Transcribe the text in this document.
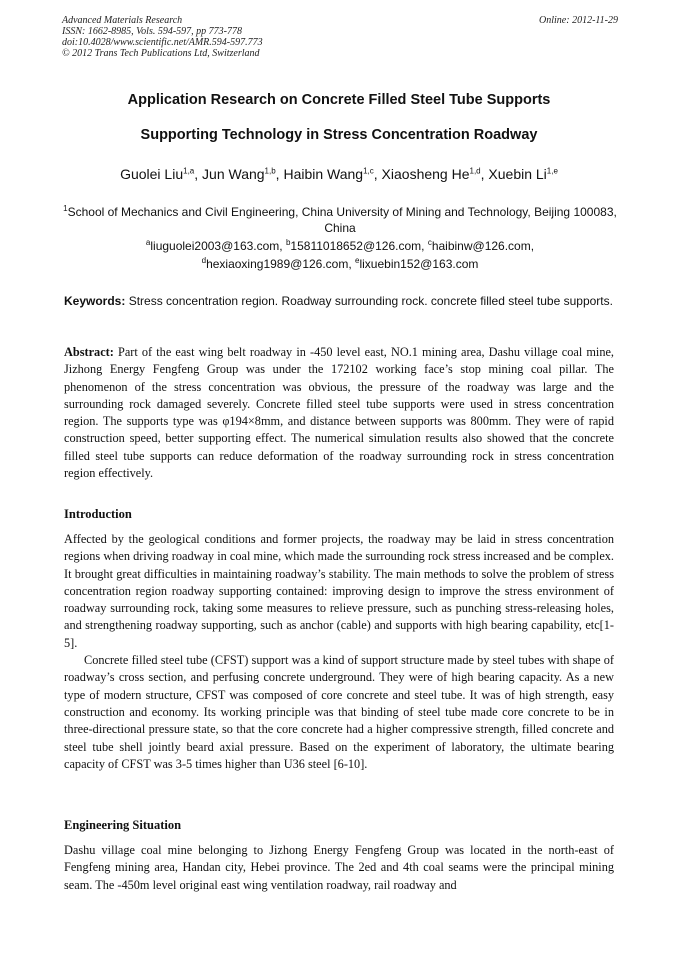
Advanced Materials Research
ISSN: 1662-8985, Vols. 594-597, pp 773-778
doi:10.4028/www.scientific.net/AMR.594-597.773
© 2012 Trans Tech Publications Ltd, Switzerland
Online: 2012-11-29
Application Research on Concrete Filled Steel Tube Supports
Supporting Technology in Stress Concentration Roadway
Guolei Liu$^{1,a}$, Jun Wang$^{1,b}$, Haibin Wang$^{1,c}$, Xiaosheng He$^{1,d}$, Xuebin Li$^{1,e}$
$^1$School of Mechanics and Civil Engineering, China University of Mining and Technology, Beijing 100083, China
$^a$liuguolei2003@163.com, $^b$15811018652@126.com, $^c$haibinw@126.com,
$^d$hexiaoxing1989@126.com, $^e$lixuebin152@163.com
Keywords: Stress concentration region. Roadway surrounding rock. concrete filled steel tube supports.
Abstract: Part of the east wing belt roadway in -450 level east, NO.1 mining area, Dashu village coal mine, Jizhong Energy Fengfeng Group was under the 172102 working face’s stop mining coal pillar. The phenomenon of the stress concentration was obvious, the pressure of the roadway was large and the surrounding rock damaged severely. Concrete filled steel tube supports were used in stress concentration region. The supports type was φ194×8mm, and distance between supports was 800mm. They were of rapid construction speed, better supporting effect. The numerical simulation results also showed that the concrete filled steel tube supports can reduce deformation of the roadway surrounding rock in stress concentration region effectively.
Introduction
Affected by the geological conditions and former projects, the roadway may be laid in stress concentration regions when driving roadway in coal mine, which made the surrounding rock stress increased and be complex. It brought great difficulties in maintaining roadway’s stability. The main methods to solve the problem of stress concentration region roadway supporting contained: improving design to improve the stress environment of roadway surrounding rock, taking some measures to relieve pressure, such as punching stress-releasing holes, and strengthening roadway supporting, such as anchor (cable) and supports with high bearing capability, etc[1-5].
Concrete filled steel tube (CFST) support was a kind of support structure made by steel tubes with shape of roadway’s cross section, and perfusing concrete underground. They were of high bearing capacity. As a new type of modern structure, CFST was composed of core concrete and steel tube. It was of high strength, easy construction and economy. Its working principle was that binding of steel tube made core concrete to be in three-directional pressure state, so that the core concrete had a higher compressive strength, filled concrete and steel tube shell jointly beard axial pressure. Based on the experiment of laboratory, the ultimate bearing capacity of CFST was 3-5 times higher than U36 steel [6-10].
Engineering Situation
Dashu village coal mine belonging to Jizhong Energy Fengfeng Group was located in the north-east of Fengfeng mining area, Handan city, Hebei province. The 2ed and 4th coal seams were the principal mining seam. The -450m level original east wing ventilation roadway, rail roadway and
